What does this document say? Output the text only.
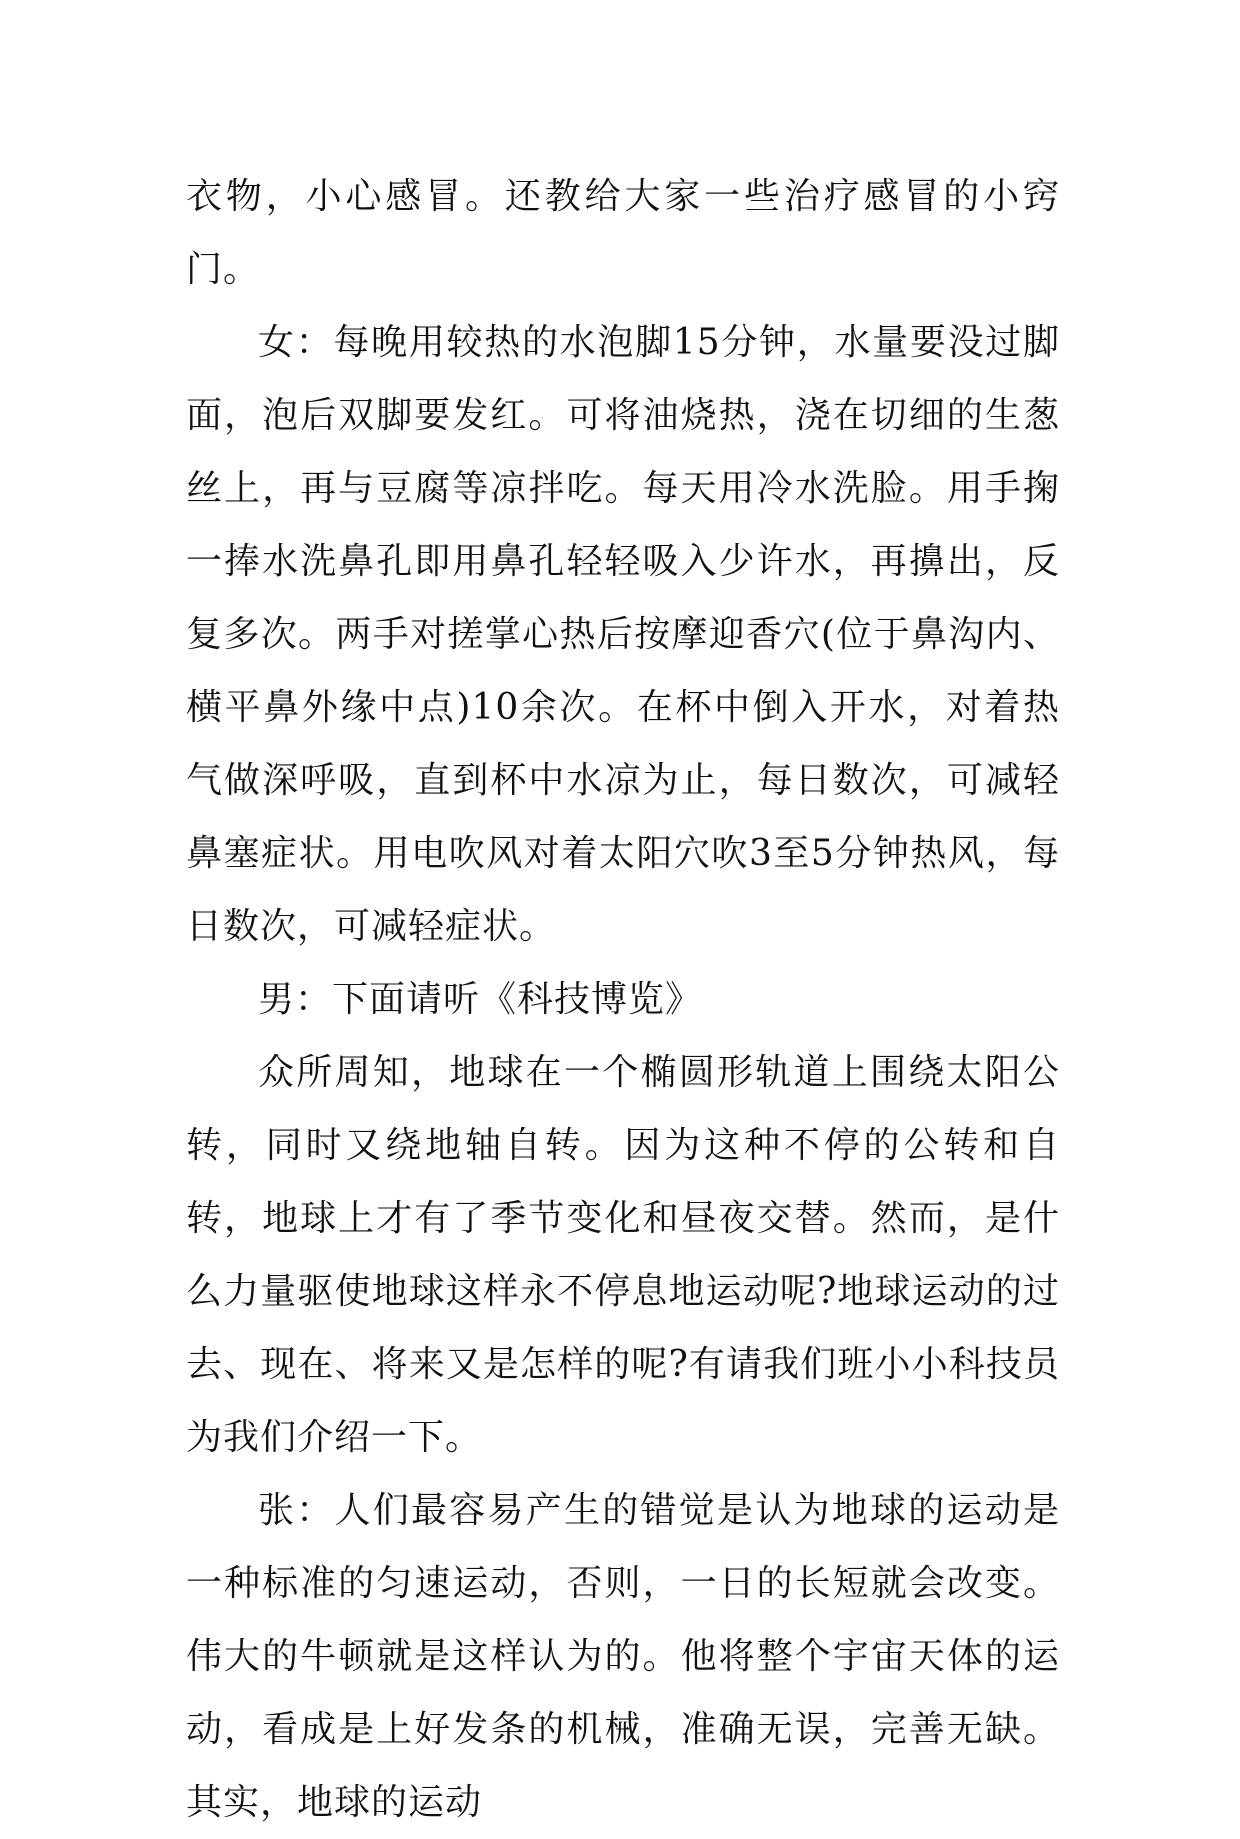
衣物，小心感冒。还教给大家一些治疗感冒的小窍门。

女：每晚用较热的水泡脚15分钟，水量要没过脚面，泡后双脚要发红。可将油烧热，浇在切细的生葱丝上，再与豆腐等凉拌吃。每天用冷水洗脸。用手掬一捧水洗鼻孔即用鼻孔轻轻吸入少许水，再擤出，反复多次。两手对搓掌心热后按摩迎香穴(位于鼻沟内、横平鼻外缘中点)10余次。在杯中倒入开水，对着热气做深呼吸，直到杯中水凉为止，每日数次，可减轻鼻塞症状。用电吹风对着太阳穴吹3至5分钟热风，每日数次，可减轻症状。

男：下面请听《科技博览》

众所周知，地球在一个椭圆形轨道上围绕太阳公转，同时又绕地轴自转。因为这种不停的公转和自转，地球上才有了季节变化和昼夜交替。然而，是什么力量驱使地球这样永不停息地运动呢?地球运动的过去、现在、将来又是怎样的呢?有请我们班小小科技员为我们介绍一下。

张：人们最容易产生的错觉是认为地球的运动是一种标准的匀速运动，否则，一日的长短就会改变。伟大的牛顿就是这样认为的。他将整个宇宙天体的运动，看成是上好发条的机械，准确无误，完善无缺。其实，地球的运动
